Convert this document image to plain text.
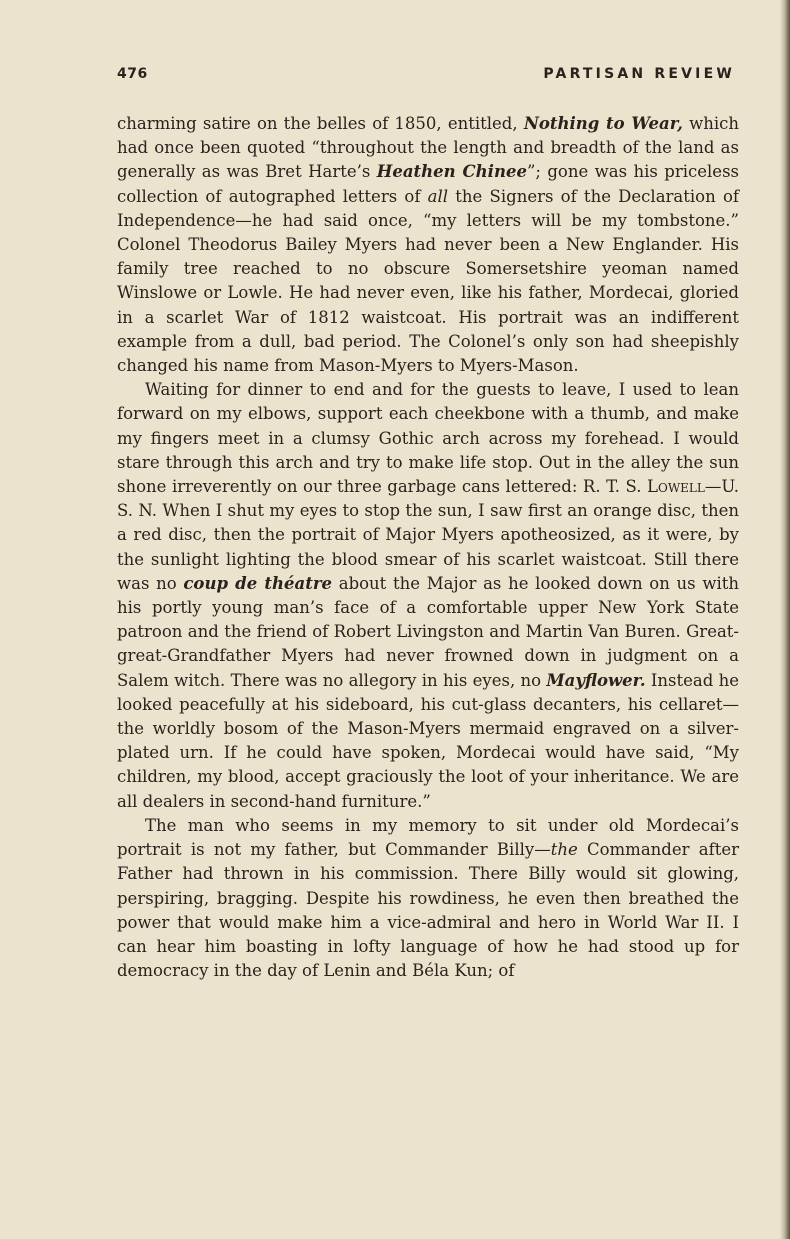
476	PARTISAN REVIEW

charming satire on the belles of 1850, entitled, Nothing to Wear, which had once been quoted “throughout the length and breadth of the land as generally as was Bret Harte’s Heathen Chinee”; gone was his priceless collection of autographed letters of all the Signers of the Declaration of Independence—he had said once, “my letters will be my tombstone.” Colonel Theodorus Bailey Myers had never been a New Englander. His family tree reached to no obscure Somersetshire yeoman named Winslowe or Lowle. He had never even, like his father, Mordecai, gloried in a scarlet War of 1812 waistcoat. His portrait was an indifferent example from a dull, bad period. The Colonel’s only son had sheepishly changed his name from Mason-Myers to Myers-Mason.

Waiting for dinner to end and for the guests to leave, I used to lean forward on my elbows, support each cheekbone with a thumb, and make my fingers meet in a clumsy Gothic arch across my forehead. I would stare through this arch and try to make life stop. Out in the alley the sun shone irreverently on our three garbage cans lettered: R. T. S. Lowell—U. S. N. When I shut my eyes to stop the sun, I saw first an orange disc, then a red disc, then the portrait of Major Myers apotheosized, as it were, by the sunlight lighting the blood smear of his scarlet waistcoat. Still there was no coup de théatre about the Major as he looked down on us with his portly young man’s face of a comfortable upper New York State patroon and the friend of Robert Livingston and Martin Van Buren. Great-great-Grandfather Myers had never frowned down in judgment on a Salem witch. There was no allegory in his eyes, no Mayflower. Instead he looked peacefully at his sideboard, his cut-glass decanters, his cellaret—the worldly bosom of the Mason-Myers mermaid engraved on a silver-plated urn. If he could have spoken, Mordecai would have said, “My children, my blood, accept graciously the loot of your inheritance. We are all dealers in second-hand furniture.”

The man who seems in my memory to sit under old Mordecai’s portrait is not my father, but Commander Billy—the Commander after Father had thrown in his commission. There Billy would sit glowing, perspiring, bragging. Despite his rowdiness, he even then breathed the power that would make him a vice-admiral and hero in World War II. I can hear him boasting in lofty language of how he had stood up for democracy in the day of Lenin and Béla Kun; of
